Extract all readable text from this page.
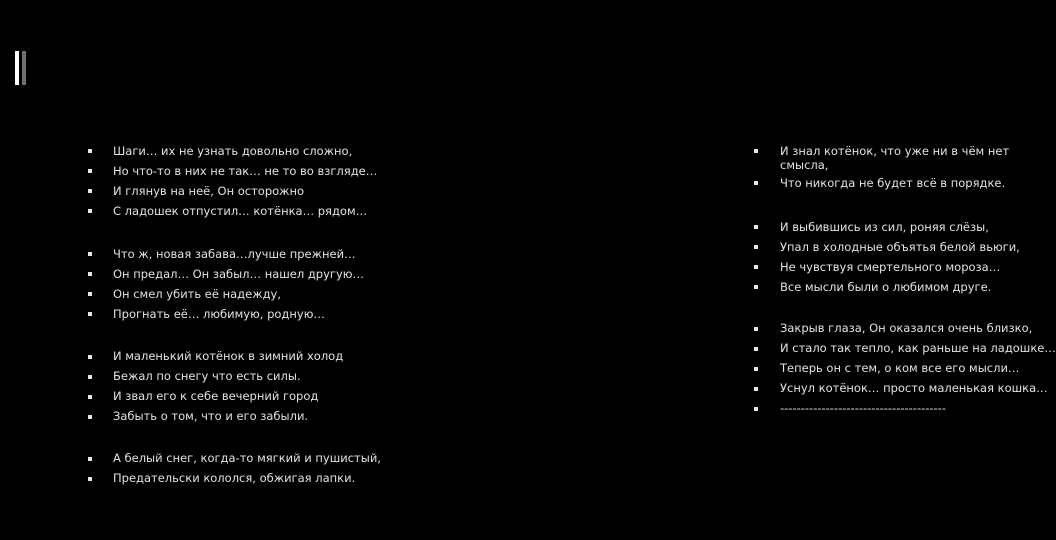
Шаги… их не узнать довольно сложно,
Но что-то в них не так… не то во взгляде…
И глянув на неё, Он осторожно
С ладошек отпустил… котёнка… рядом…
Что ж, новая забава…лучше прежней…
Он предал… Он забыл… нашел другую…
Он смел убить её надежду,
Прогнать её… любимую, родную…
И маленький котёнок в зимний холод
Бежал по снегу что есть силы.
И звал его к себе вечерний город
Забыть о том, что и его забыли.
А белый снег, когда-то мягкий и пушистый,
Предательски кололся, обжигая лапки.
И знал котёнок, что уже ни в чём нет смысла,
Что никогда не будет всё в порядке.
И выбившись из сил, роняя слёзы,
Упал в холодные объятья белой вьюги,
Не чувствуя смертельного мороза…
Все мысли были о любимом друге.
Закрыв глаза, Он оказался очень близко,
И стало так тепло, как раньше на ладошке…
Теперь он с тем, о ком все его мысли…
Уснул котёнок… просто маленькая кошка…
----------------------------------------
